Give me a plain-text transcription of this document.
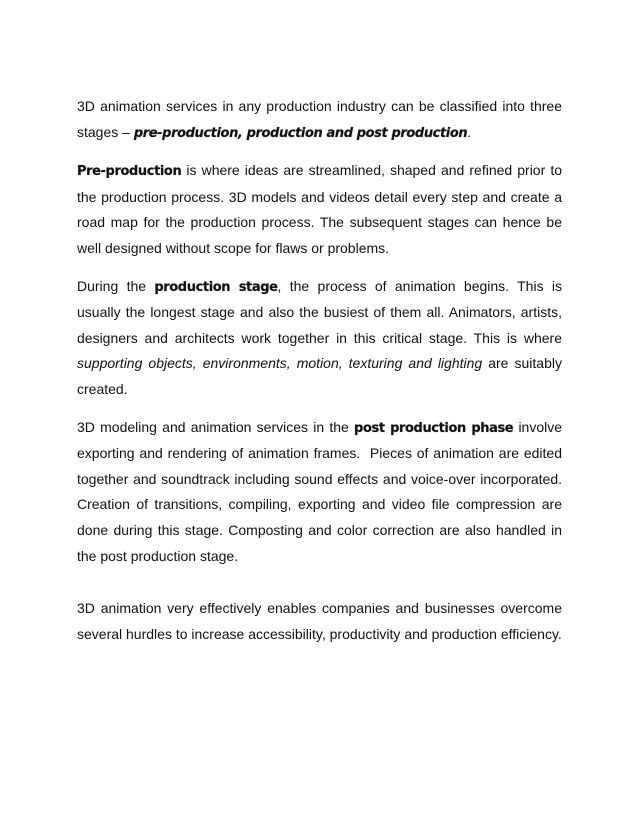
3D animation services in any production industry can be classified into three stages – pre-production, production and post production.

Pre-production is where ideas are streamlined, shaped and refined prior to the production process. 3D models and videos detail every step and create a road map for the production process. The subsequent stages can hence be well designed without scope for flaws or problems.

During the production stage, the process of animation begins. This is usually the longest stage and also the busiest of them all. Animators, artists, designers and architects work together in this critical stage. This is where supporting objects, environments, motion, texturing and lighting are suitably created.

3D modeling and animation services in the post production phase involve exporting and rendering of animation frames.  Pieces of animation are edited together and soundtrack including sound effects and voice-over incorporated. Creation of transitions, compiling, exporting and video file compression are done during this stage. Composting and color correction are also handled in the post production stage.

3D animation very effectively enables companies and businesses overcome several hurdles to increase accessibility, productivity and production efficiency.
